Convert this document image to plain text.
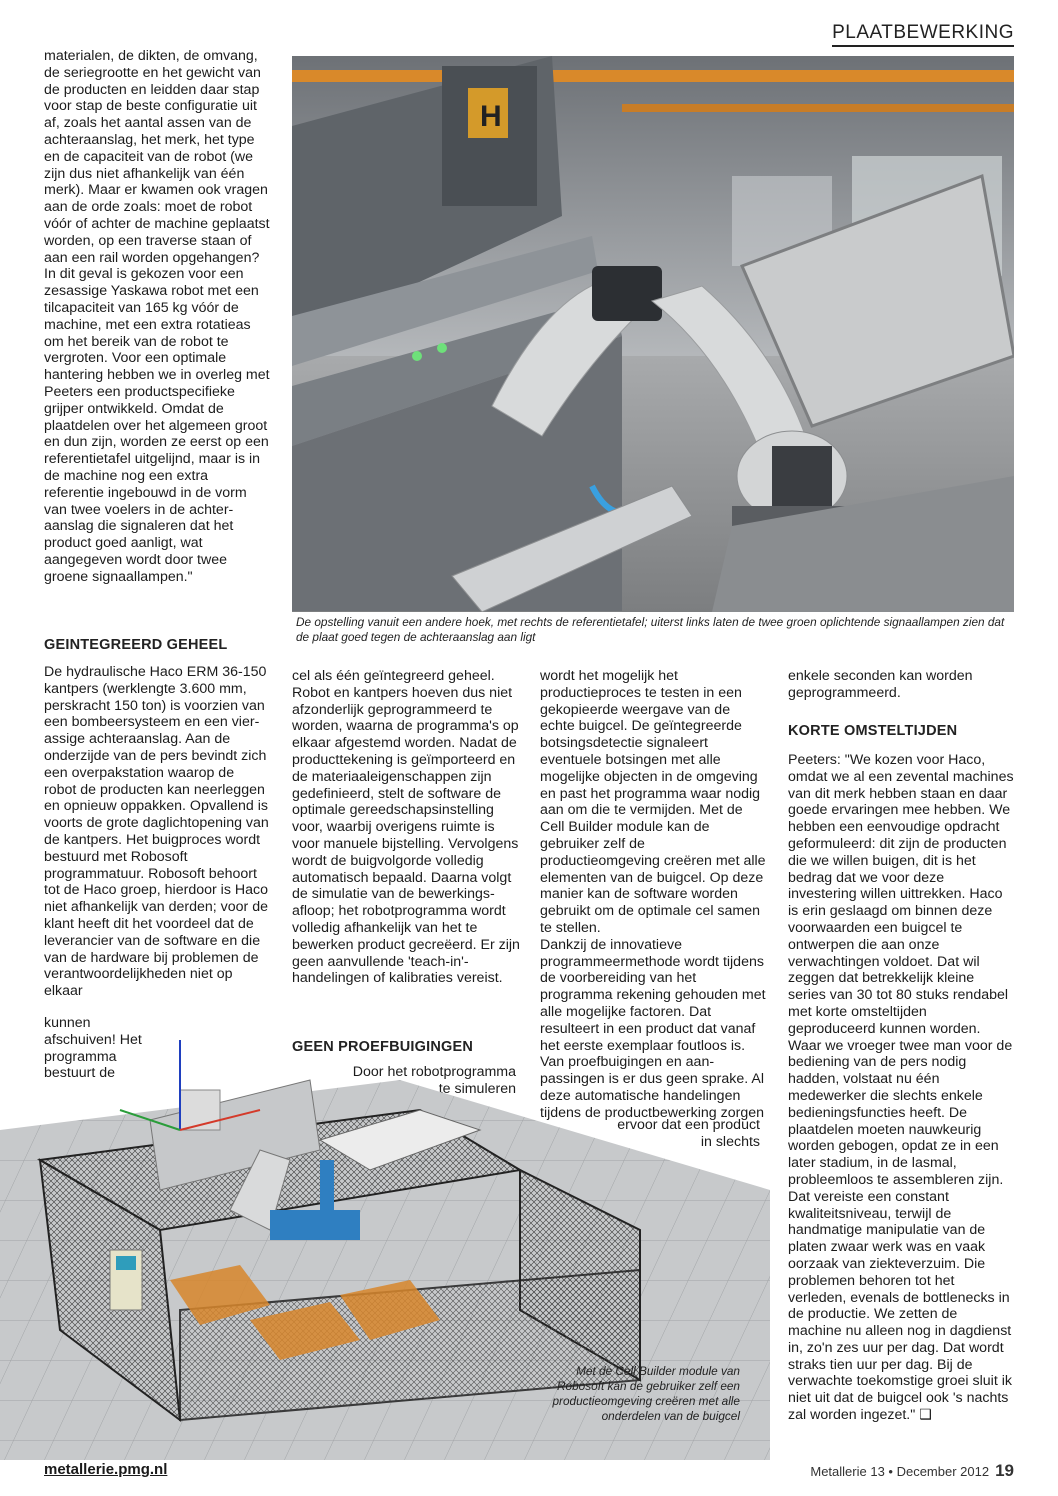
PLAATBEWERKING

materialen, de dikten, de omvang, de seriegrootte en het gewicht van de producten en leidden daar stap voor stap de beste configuratie uit af, zoals het aantal assen van de achteraanslag, het merk, het type en de capaciteit van de robot (we zijn dus niet afhankelijk van één merk). Maar er kwamen ook vragen aan de orde zoals: moet de robot vóór of achter de machine geplaatst worden, op een traverse staan of aan een rail worden opgehangen? In dit geval is gekozen voor een zesassige Yaskawa robot met een tilcapaciteit van 165 kg vóór de machine, met een extra rotatieas om het bereik van de robot te vergroten. Voor een optimale hantering hebben we in overleg met Peeters een productspecifieke grijper ontwikkeld. Omdat de plaatdelen over het algemeen groot en dun zijn, worden ze eerst op een referentietafel uitgelijnd, maar is in de machine nog een extra referentie ingebouwd in de vorm van twee voelers in de achteraanslag die signaleren dat het product goed aanligt, wat aangegeven wordt door twee groene signaallampen."

H
De opstelling vanuit een andere hoek, met rechts de referentietafel; uiterst links laten de twee groen oplichtende signaallampen zien dat de plaat goed tegen de achteraanslag aan ligt
GEINTEGREERD GEHEEL

De hydraulische Haco ERM 36-150 kantpers (werklengte 3.600 mm, perskracht 150 ton) is voorzien van een bombeersysteem en een vierassige achteraanslag. Aan de onderzijde van de pers bevindt zich een overpakstation waarop de robot de producten kan neerleggen en opnieuw oppakken. Opvallend is voorts de grote daglichtopening van de kantpers. Het buigproces wordt bestuurd met Robosoft programmatuur. Robosoft behoort tot de Haco groep, hierdoor is Haco niet afhankelijk van derden; voor de klant heeft dit het voordeel dat de leverancier van de software en die van de hardware bij problemen de verantwoordelijkheden niet op elkaar

kunnen

afschuiven! Het

programma

bestuurt de

cel als één geïntegreerd geheel. Robot en kantpers hoeven dus niet afzonderlijk geprogrammeerd te worden, waarna de programma's op elkaar afgestemd worden. Nadat de producttekening is geïmporteerd en de materiaaleigenschappen zijn gedefinieerd, stelt de software de optimale gereedschapsinstelling voor, waarbij overigens ruimte is voor manuele bijstelling. Vervolgens wordt de buigvolgorde volledig automatisch bepaald. Daarna volgt de simulatie van de bewerkingsafloop; het robotprogramma wordt volledig afhankelijk van het te bewerken product gecreëerd. Er zijn geen aanvullende 'teach-in'-handelingen of kalibraties vereist.

GEEN PROEFBUIGINGEN

Door het robotprogramma

te simuleren

wordt het mogelijk het productieproces te testen in een gekopieerde weergave van de echte buigcel. De geïntegreerde botsingsdetectie signaleert eventuele botsingen met alle mogelijke objecten in de omgeving en past het programma waar nodig aan om die te vermijden. Met de Cell Builder module kan de gebruiker zelf de productieomgeving creëren met alle elementen van de buigcel. Op deze manier kan de software worden gebruikt om de optimale cel samen te stellen.

Dankzij de innovatieve programmeermethode wordt tijdens de voorbereiding van het programma rekening gehouden met alle mogelijke factoren. Dat resulteert in een product dat vanaf het eerste exemplaar foutloos is. Van proefbuigingen en aanpassingen is er dus geen sprake. Al deze automatische handelingen tijdens de productbewerking zorgen

ervoor dat een product

in slechts

enkele seconden kan worden geprogrammeerd.

KORTE OMSTELTIJDEN

Peeters: "We kozen voor Haco, omdat we al een zevental machines van dit merk hebben staan en daar goede ervaringen mee hebben. We hebben een eenvoudige opdracht geformuleerd: dit zijn de producten die we willen buigen, dit is het bedrag dat we voor deze investering willen uittrekken. Haco is erin geslaagd om binnen deze voorwaarden een buigcel te ontwerpen die aan onze verwachtingen voldoet. Dat wil zeggen dat betrekkelijk kleine series van 30 tot 80 stuks rendabel met korte omsteltijden geproduceerd kunnen worden. Waar we vroeger twee man voor de bediening van de pers nodig hadden, volstaat nu één medewerker die slechts enkele bedieningsfuncties heeft. De plaatdelen moeten nauwkeurig worden gebogen, opdat ze in een later stadium, in de lasmal, probleemloos te assembleren zijn. Dat vereiste een constant kwaliteitsniveau, terwijl de handmatige manipulatie van de platen zwaar werk was en vaak oorzaak van ziekteverzuim. Die problemen behoren tot het verleden, evenals de bottlenecks in de productie. We zetten de machine nu alleen nog in dagdienst in, zo'n zes uur per dag. Dat wordt straks tien uur per dag. Bij de verwachte toekomstige groei sluit ik niet uit dat de buigcel ook 's nachts zal worden ingezet." ❑

Met de Cell Builder module van
Robosoft kan de gebruiker zelf een
productieomgeving creëren met alle
onderdelen van de buigcel
metallerie.pmg.nl	Metallerie 13 • December 2012 19
